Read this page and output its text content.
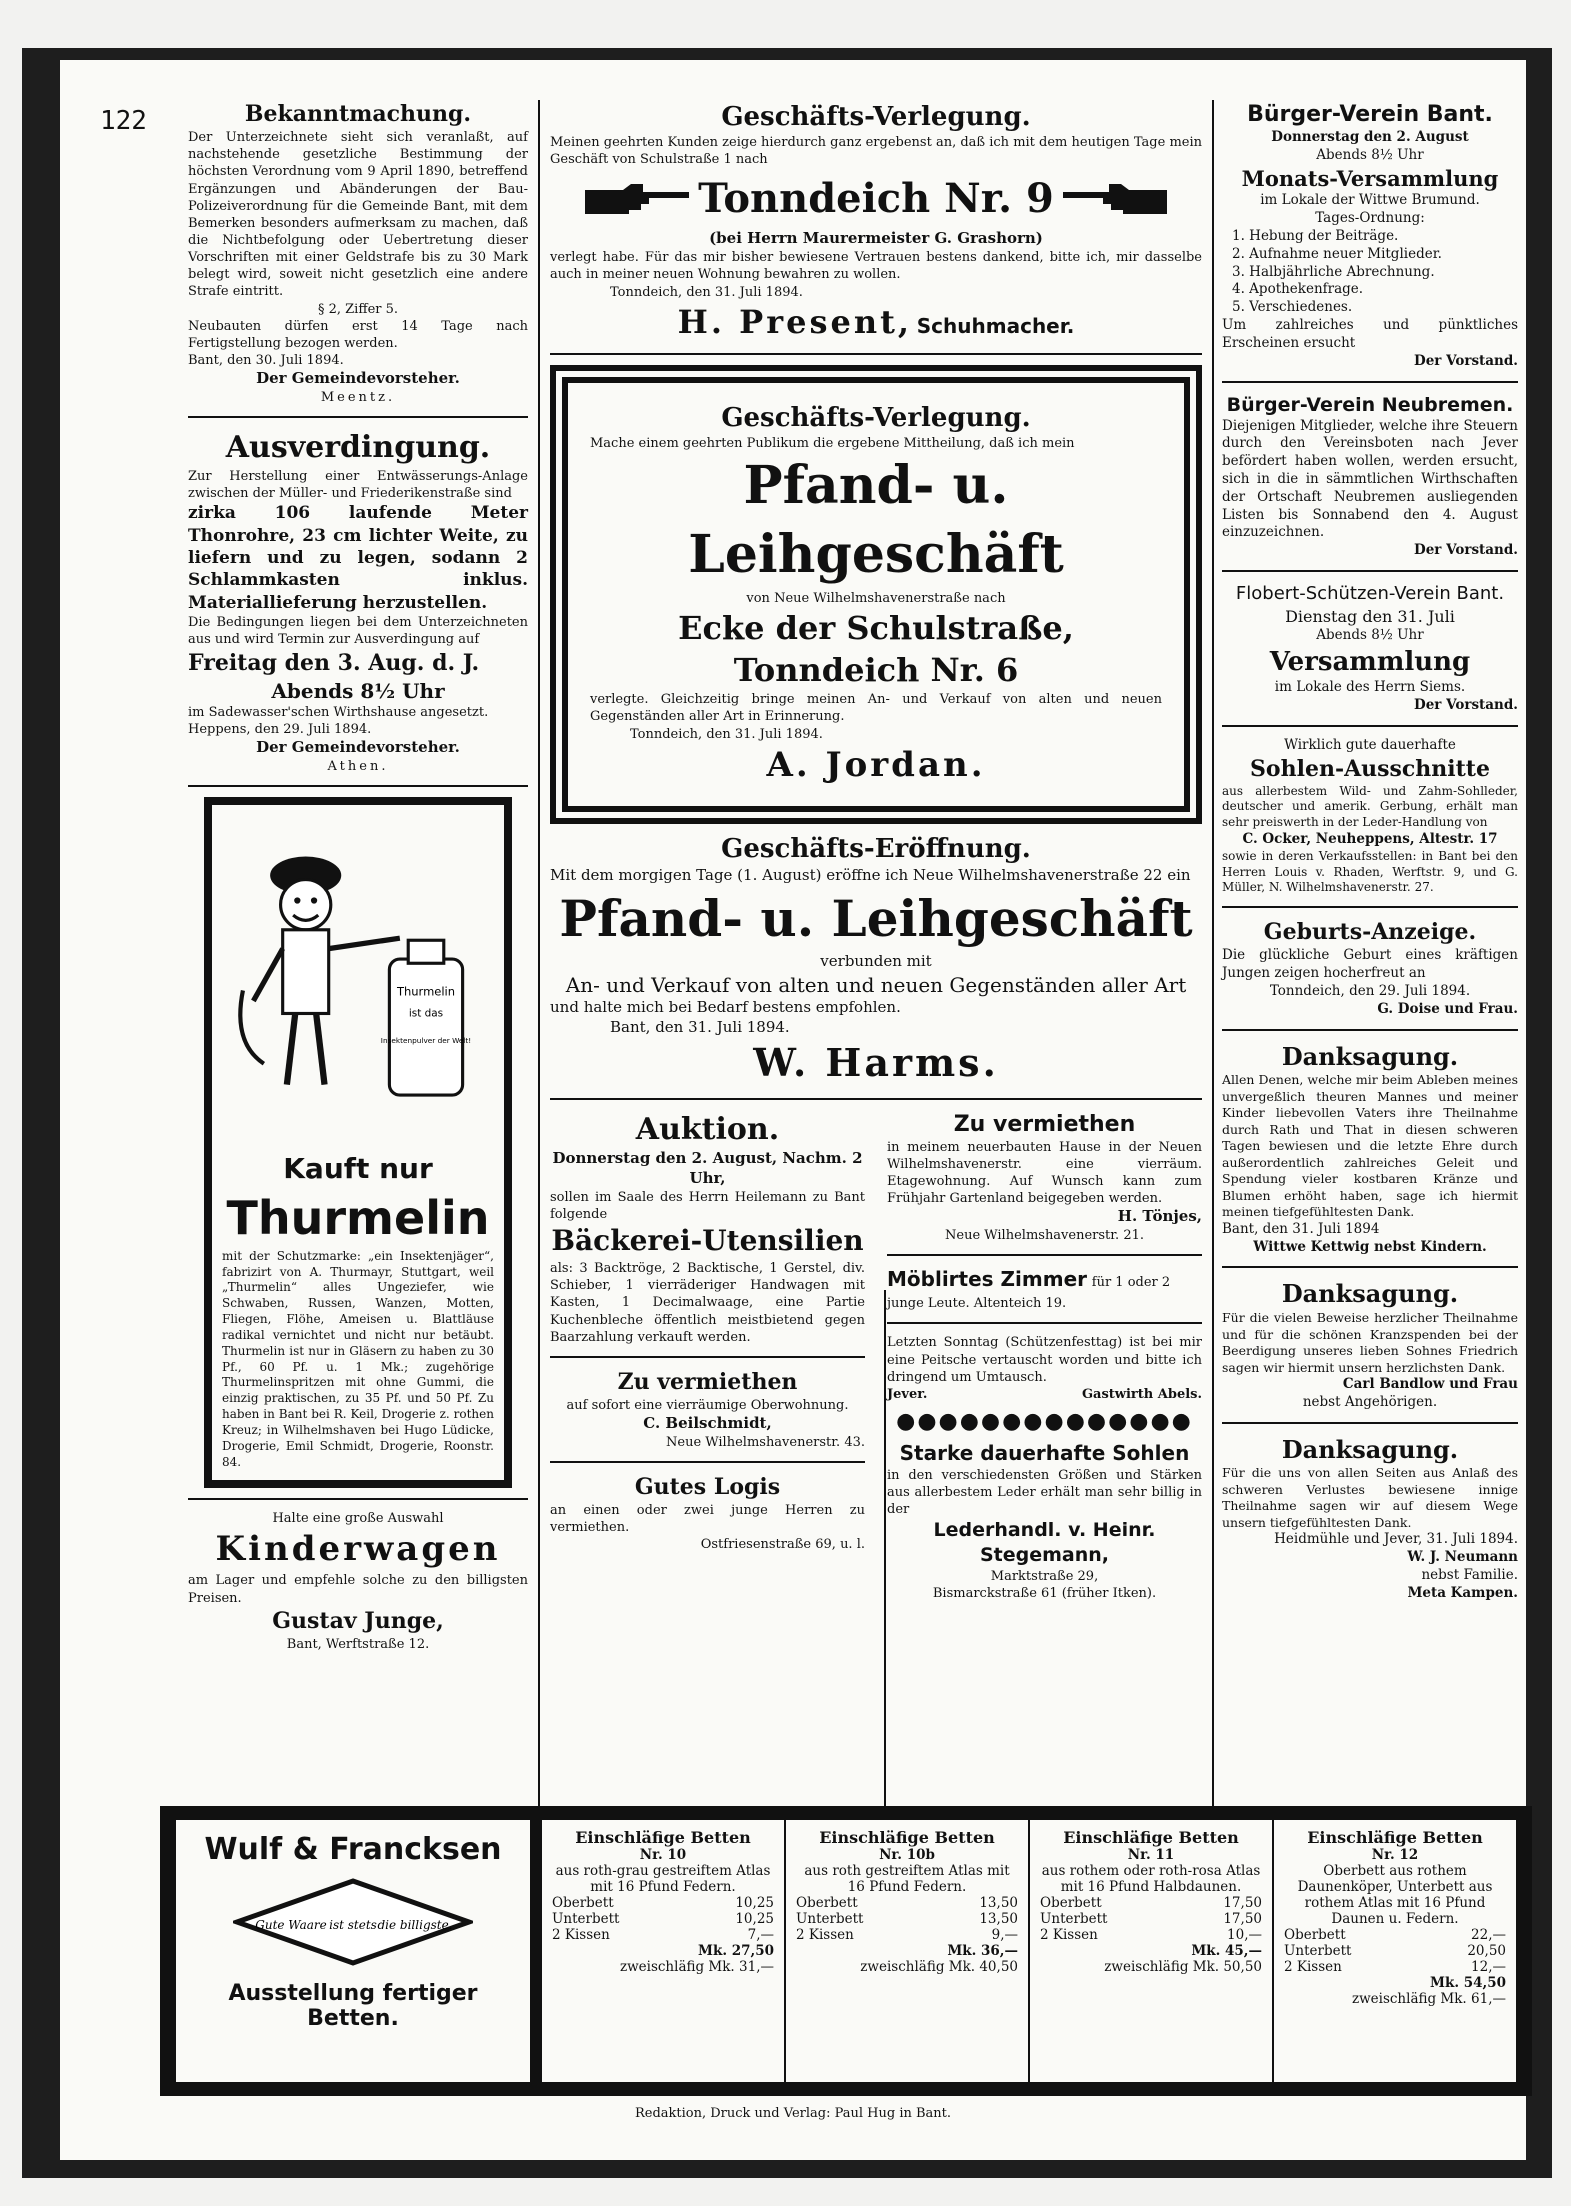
Bekanntmachung.
Der Unterzeichnete sieht sich veranlaßt, auf nachstehende gesetzliche Bestimmung der höchsten Verordnung vom 9 April 1890, betreffend Ergänzungen und Abänderungen der Bau-Polizeiverordnung für die Gemeinde Bant, mit dem Bemerken besonders aufmerksam zu machen, daß die Nichtbefolgung oder Uebertretung dieser Vorschriften mit einer Geldstrafe bis zu 30 Mark belegt wird, soweit nicht gesetzlich eine andere Strafe eintritt.
§ 2, Ziffer 5.
Neubauten dürfen erst 14 Tage nach Fertigstellung bezogen werden.
Bant, den 30. Juli 1894.
Der Gemeindevorsteher.
Meentz.
Ausverdingung.
Zur Herstellung einer Entwässerungs-Anlage zwischen der Müller- und Friederikenstraße sind
zirka 106 laufende Meter Thonrohre, 23 cm lichter Weite, zu liefern und zu legen, sodann 2 Schlammkasten inklus. Materiallieferung herzustellen.
Die Bedingungen liegen bei dem Unterzeichneten aus und wird Termin zur Ausverdingung auf
Freitag den 3. Aug. d. J.
Abends 8½ Uhr
im Sadewasser'schen Wirthshause angesetzt.
Heppens, den 29. Juli 1894.
Der Gemeindevorsteher.
Athen.
Thurmelin
ist das
Insektenpulver der Welt!
Kauft nur
Thurmelin
mit der Schutzmarke: „ein Insektenjäger“, fabrizirt von A. Thurmayr, Stuttgart, weil „Thurmelin“ alles Ungeziefer, wie Schwaben, Russen, Wanzen, Motten, Fliegen, Flöhe, Ameisen u. Blattläuse radikal vernichtet und nicht nur betäubt. Thurmelin ist nur in Gläsern zu haben zu 30 Pf., 60 Pf. u. 1 Mk.; zugehörige Thurmelinspritzen mit ohne Gummi, die einzig praktischen, zu 35 Pf. und 50 Pf. Zu haben in Bant bei R. Keil, Drogerie z. rothen Kreuz; in Wilhelmshaven bei Hugo Lüdicke, Drogerie, Emil Schmidt, Drogerie, Roonstr. 84.
Halte eine große Auswahl
Kinderwagen
am Lager und empfehle solche zu den billigsten Preisen.
Gustav Junge,
Bant, Werftstraße 12.
Geschäfts-Verlegung.
Meinen geehrten Kunden zeige hierdurch ganz ergebenst an, daß ich mit dem heutigen Tage mein Geschäft von Schulstraße 1 nach
Tonndeich Nr. 9
(bei Herrn Maurermeister G. Grashorn)
verlegt habe. Für das mir bisher bewiesene Vertrauen bestens dankend, bitte ich, mir dasselbe auch in meiner neuen Wohnung bewahren zu wollen.
Tonndeich, den 31. Juli 1894.
H. Present, Schuhmacher.
Geschäfts-Verlegung.
Mache einem geehrten Publikum die ergebene Mittheilung, daß ich mein
Pfand- u. Leihgeschäft
von Neue Wilhelmshavenerstraße nach
Ecke der Schulstraße, Tonndeich Nr. 6
verlegte. Gleichzeitig bringe meinen An- und Verkauf von alten und neuen Gegenständen aller Art in Erinnerung.
Tonndeich, den 31. Juli 1894.
A. Jordan.
Geschäfts-Eröffnung.
Mit dem morgigen Tage (1. August) eröffne ich Neue Wilhelmshavenerstraße 22 ein
Pfand- u. Leihgeschäft
verbunden mit
An- und Verkauf von alten und neuen Gegenständen aller Art
und halte mich bei Bedarf bestens empfohlen.
Bant, den 31. Juli 1894.
W. Harms.
Auktion.
Donnerstag den 2. August, Nachm. 2 Uhr,
sollen im Saale des Herrn Heilemann zu Bant folgende
Bäckerei-Utensilien
als: 3 Backtröge, 2 Backtische, 1 Gerstel, div. Schieber, 1 vierräderiger Handwagen mit Kasten, 1 Decimalwaage, eine Partie Kuchenbleche öffentlich meistbietend gegen Baarzahlung verkauft werden.
Zu vermiethen
auf sofort eine vierräumige Oberwohnung.
C. Beilschmidt,
Neue Wilhelmshavenerstr. 43.
Gutes Logis
an einen oder zwei junge Herren zu vermiethen.
Ostfriesenstraße 69, u. l.
Zu vermiethen
in meinem neuerbauten Hause in der Neuen Wilhelmshavenerstr. eine vierräum. Etagewohnung. Auf Wunsch kann zum Frühjahr Gartenland beigegeben werden.
H. Tönjes,
Neue Wilhelmshavenerstr. 21.
Möblirtes Zimmer für 1 oder 2 junge Leute. Altenteich 19.
Letzten Sonntag (Schützenfesttag) ist bei mir eine Peitsche vertauscht worden und bitte ich dringend um Umtausch.
Jever.	Gastwirth Abels.
●●●●●●●●●●●●●●
Starke dauerhafte Sohlen
in den verschiedensten Größen und Stärken aus allerbestem Leder erhält man sehr billig in der
Lederhandl. v. Heinr. Stegemann,
Marktstraße 29,
Bismarckstraße 61 (früher Itken).
Bürger-Verein Bant.
Donnerstag den 2. August
Abends 8½ Uhr
Monats-Versammlung
im Lokale der Wittwe Brumund.
Tages-Ordnung:
1. Hebung der Beiträge.
2. Aufnahme neuer Mitglieder.
3. Halbjährliche Abrechnung.
4. Apothekenfrage.
5. Verschiedenes.
Um zahlreiches und pünktliches Erscheinen ersucht
Der Vorstand.
Bürger-Verein Neubremen.
Diejenigen Mitglieder, welche ihre Steuern durch den Vereinsboten nach Jever befördert haben wollen, werden ersucht, sich in die in sämmtlichen Wirthschaften der Ortschaft Neubremen ausliegenden Listen bis Sonnabend den 4. August einzuzeichnen.
Der Vorstand.
Flobert-Schützen-Verein Bant.
Dienstag den 31. Juli
Abends 8½ Uhr
Versammlung
im Lokale des Herrn Siems.
Der Vorstand.
Wirklich gute dauerhafte
Sohlen-Ausschnitte
aus allerbestem Wild- und Zahm-Sohlleder, deutscher und amerik. Gerbung, erhält man sehr preiswerth in der Leder-Handlung von
C. Ocker, Neuheppens, Altestr. 17
sowie in deren Verkaufsstellen: in Bant bei den Herren Louis v. Rhaden, Werftstr. 9, und G. Müller, N. Wilhelmshavenerstr. 27.
Geburts-Anzeige.
Die glückliche Geburt eines kräftigen Jungen zeigen hocherfreut an
Tonndeich, den 29. Juli 1894.
G. Doise und Frau.
Danksagung.
Allen Denen, welche mir beim Ableben meines unvergeßlich theuren Mannes und meiner Kinder liebevollen Vaters ihre Theilnahme durch Rath und That in diesen schweren Tagen bewiesen und die letzte Ehre durch außerordentlich zahlreiches Geleit und Spendung vieler kostbaren Kränze und Blumen erhöht haben, sage ich hiermit meinen tiefgefühltesten Dank.
Bant, den 31. Juli 1894
Wittwe Kettwig nebst Kindern.
Danksagung.
Für die vielen Beweise herzlicher Theilnahme und für die schönen Kranzspenden bei der Beerdigung unseres lieben Sohnes Friedrich sagen wir hiermit unsern herzlichsten Dank.
Carl Bandlow und Frau
nebst Angehörigen.
Danksagung.
Für die uns von allen Seiten aus Anlaß des schweren Verlustes bewiesene innige Theilnahme sagen wir auf diesem Wege unsern tiefgefühltesten Dank.
Heidmühle und Jever, 31. Juli 1894.
W. J. Neumann
nebst Familie.
Meta Kampen.
Redaktion, Druck und Verlag: Paul Hug in Bant.
122
Wulf & Francksen
Gute Waare ist stets die billigste.
Ausstellung fertiger Betten.
Einschläfige Betten
Nr. 10
aus roth-grau gestreiftem Atlas mit 16 Pfund Federn.
Oberbett	10,25
Unterbett	10,25
2 Kissen	7,—
Mk. 27,50
zweischläfig Mk. 31,—
Einschläfige Betten
Nr. 10b
aus roth gestreiftem Atlas mit 16 Pfund Federn.
Oberbett	13,50
Unterbett	13,50
2 Kissen	9,—
Mk. 36,—
zweischläfig Mk. 40,50
Einschläfige Betten
Nr. 11
aus rothem oder roth-rosa Atlas mit 16 Pfund Halbdaunen.
Oberbett	17,50
Unterbett	17,50
2 Kissen	10,—
Mk. 45,—
zweischläfig Mk. 50,50
Einschläfige Betten
Nr. 12
Oberbett aus rothem Daunenköper, Unterbett aus rothem Atlas mit 16 Pfund Daunen u. Federn.
Oberbett	22,—
Unterbett	20,50
2 Kissen	12,—
Mk. 54,50
zweischläfig Mk. 61,—
